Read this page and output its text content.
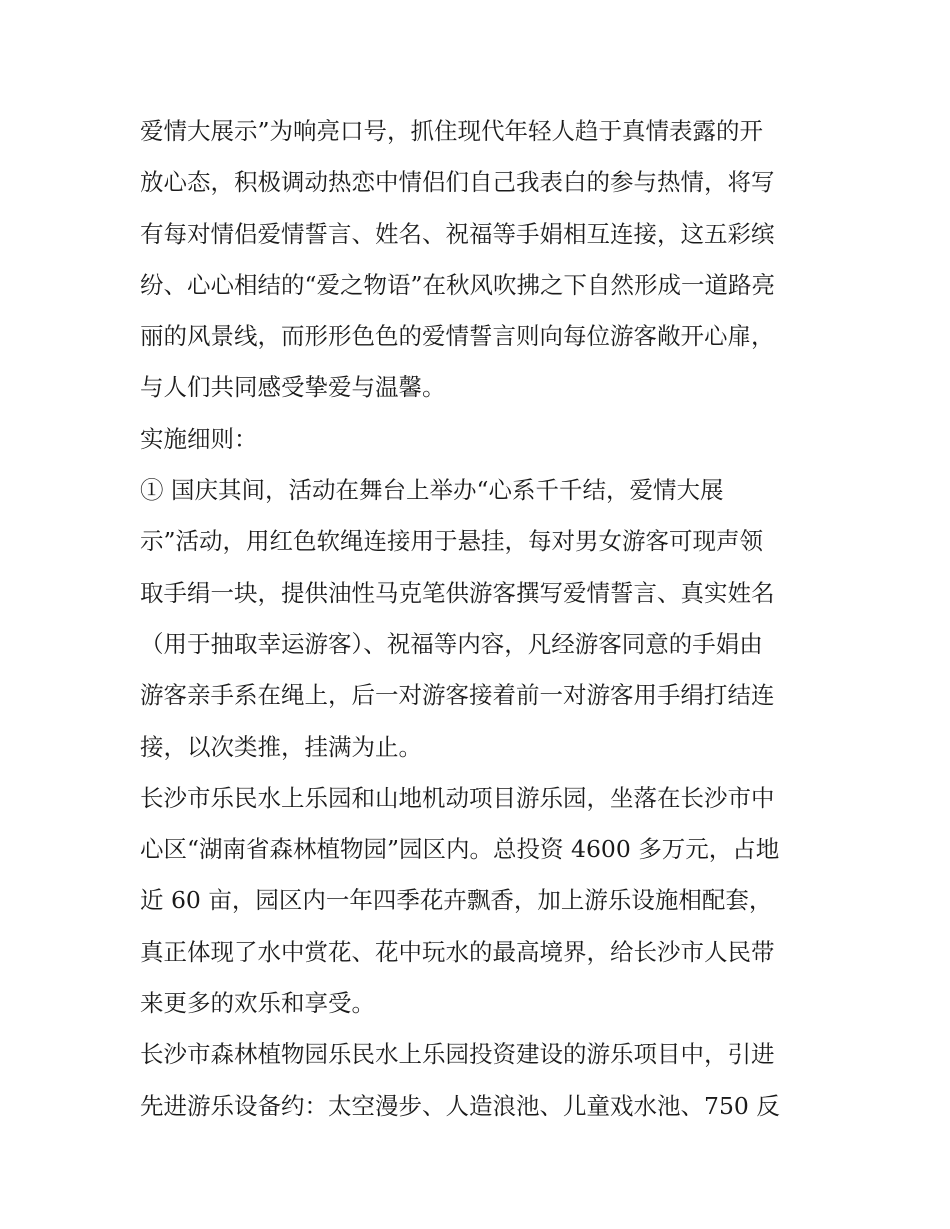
爱情大展示”为响亮口号，抓住现代年轻人趋于真情表露的开
放心态，积极调动热恋中情侣们自己我表白的参与热情，将写
有每对情侣爱情誓言、姓名、祝福等手娟相互连接，这五彩缤
纷、心心相结的“爱之物语”在秋风吹拂之下自然形成一道路亮
丽的风景线，而形形色色的爱情誓言则向每位游客敞开心扉，
与人们共同感受挚爱与温馨。
实施细则：
① 国庆其间，活动在舞台上举办“心系千千结，爱情大展
示”活动，用红色软绳连接用于悬挂，每对男女游客可现声领
取手绢一块，提供油性马克笔供游客撰写爱情誓言、真实姓名
（用于抽取幸运游客）、祝福等内容，凡经游客同意的手娟由
游客亲手系在绳上，后一对游客接着前一对游客用手绢打结连
接，以次类推，挂满为止。
长沙市乐民水上乐园和山地机动项目游乐园，坐落在长沙市中
心区“湖南省森林植物园”园区内。总投资 4600 多万元，占地
近 60 亩，园区内一年四季花卉飘香，加上游乐设施相配套，
真正体现了水中赏花、花中玩水的最高境界，给长沙市人民带
来更多的欢乐和享受。
长沙市森林植物园乐民水上乐园投资建设的游乐项目中，引进
先进游乐设备约：太空漫步、人造浪池、儿童戏水池、750 反
